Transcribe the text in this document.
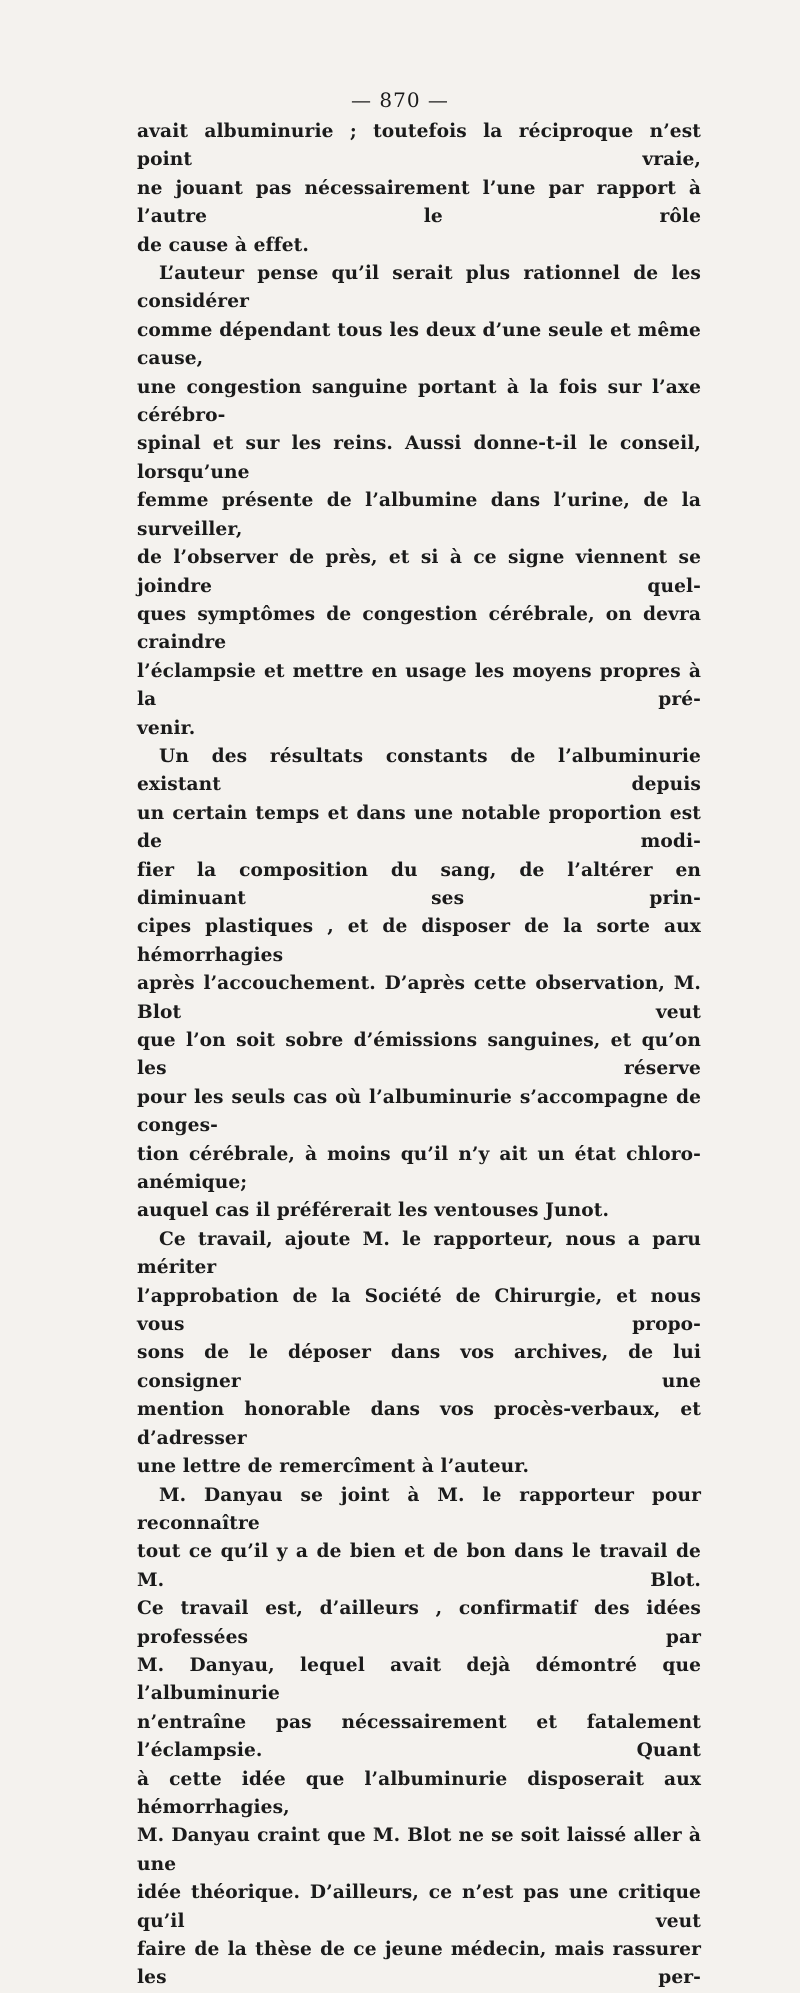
— 870 —
avait albuminurie ; toutefois la réciproque n’est point vraie,
ne jouant pas nécessairement l’une par rapport à l’autre le rôle
de cause à effet.
L’auteur pense qu’il serait plus rationnel de les considérer
comme dépendant tous les deux d’une seule et même cause,
une congestion sanguine portant à la fois sur l’axe cérébro-
spinal et sur les reins. Aussi donne-t-il le conseil, lorsqu’une
femme présente de l’albumine dans l’urine, de la surveiller,
de l’observer de près, et si à ce signe viennent se joindre quel-
ques symptômes de congestion cérébrale, on devra craindre
l’éclampsie et mettre en usage les moyens propres à la pré-
venir.
Un des résultats constants de l’albuminurie existant depuis
un certain temps et dans une notable proportion est de modi-
fier la composition du sang, de l’altérer en diminuant ses prin-
cipes plastiques , et de disposer de la sorte aux hémorrhagies
après l’accouchement. D’après cette observation, M. Blot veut
que l’on soit sobre d’émissions sanguines, et qu’on les réserve
pour les seuls cas où l’albuminurie s’accompagne de conges-
tion cérébrale, à moins qu’il n’y ait un état chloro-anémique;
auquel cas il préférerait les ventouses Junot.
Ce travail, ajoute M. le rapporteur, nous a paru mériter
l’approbation de la Société de Chirurgie, et nous vous propo-
sons de le déposer dans vos archives, de lui consigner une
mention honorable dans vos procès-verbaux, et d’adresser
une lettre de remercîment à l’auteur.
M. Danyau se joint à M. le rapporteur pour reconnaître
tout ce qu’il y a de bien et de bon dans le travail de M. Blot.
Ce travail est, d’ailleurs , confirmatif des idées professées par
M. Danyau, lequel avait dejà démontré que l’albuminurie
n’entraîne pas nécessairement et fatalement l’éclampsie. Quant
à cette idée que l’albuminurie disposerait aux hémorrhagies,
M. Danyau craint que M. Blot ne se soit laissé aller à une
idée théorique. D’ailleurs, ce n’est pas une critique qu’il veut
faire de la thèse de ce jeune médecin, mais rassurer les per-
